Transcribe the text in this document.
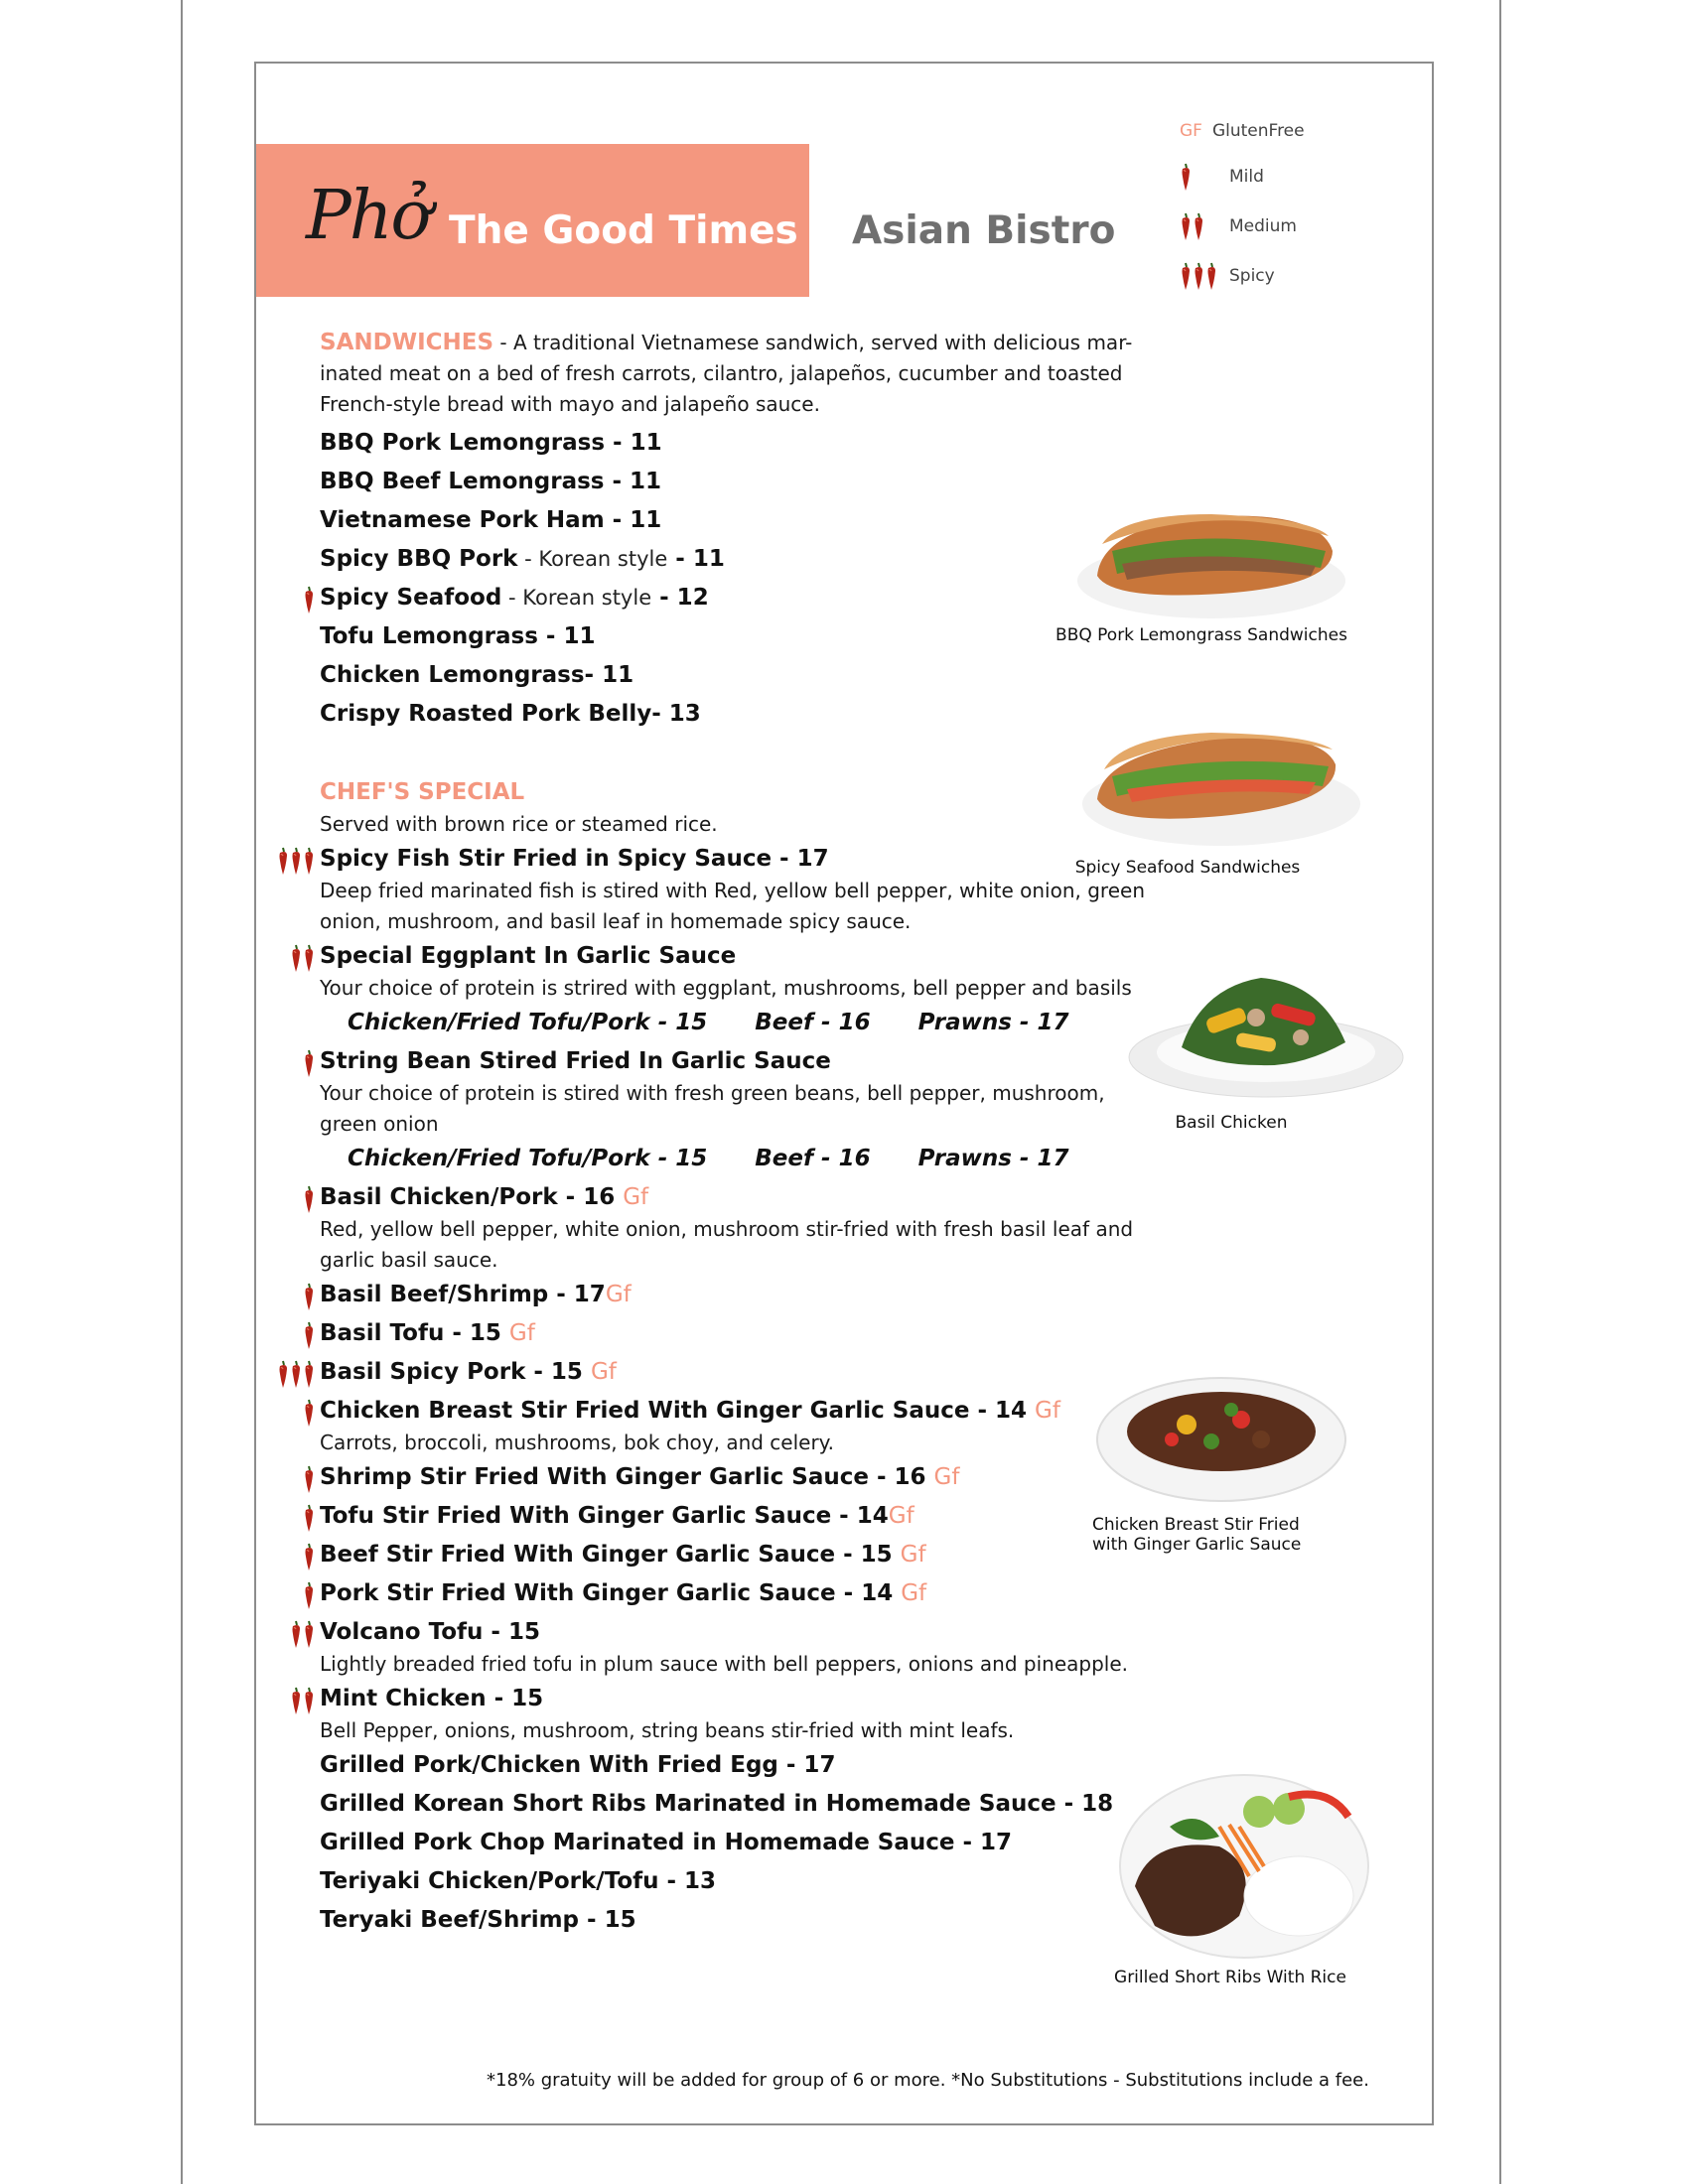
Phở The Good Times Asian Bistro
GF GlutenFree
Mild
Medium
Spicy
SANDWICHES - A traditional Vietnamese sandwich, served with delicious mar-inated meat on a bed of fresh carrots, cilantro, jalapeños, cucumber and toasted French-style bread with mayo and jalapeño sauce.
BBQ Pork Lemongrass - 11
BBQ Beef Lemongrass - 11
Vietnamese Pork Ham - 11
Spicy BBQ Pork - Korean style - 11
Spicy Seafood - Korean style - 12
Tofu Lemongrass - 11
Chicken Lemongrass- 11
Crispy Roasted Pork Belly- 13
CHEF'S SPECIAL
Served with brown rice or steamed rice.
Spicy Fish Stir Fried in Spicy Sauce - 17
Deep fried marinated fish is stired with Red, yellow bell pepper, white onion, green onion, mushroom, and basil leaf in homemade spicy sauce.
Special Eggplant In Garlic Sauce
Your choice of protein is strired with eggplant, mushrooms, bell pepper and basils
Chicken/Fried Tofu/Pork - 15 Beef - 16 Prawns - 17
String Bean Stired Fried In Garlic Sauce
Your choice of protein is stired with fresh green beans, bell pepper, mushroom, green onion
Chicken/Fried Tofu/Pork - 15 Beef - 16 Prawns - 17
Basil Chicken/Pork - 16 Gf
Red, yellow bell pepper, white onion, mushroom stir-fried with fresh basil leaf and garlic basil sauce.
Basil Beef/Shrimp - 17Gf
Basil Tofu - 15 Gf
Basil Spicy Pork - 15 Gf
Chicken Breast Stir Fried With Ginger Garlic Sauce - 14 Gf
Carrots, broccoli, mushrooms, bok choy, and celery.
Shrimp Stir Fried With Ginger Garlic Sauce - 16 Gf
Tofu Stir Fried With Ginger Garlic Sauce - 14Gf
Beef Stir Fried With Ginger Garlic Sauce - 15 Gf
Pork Stir Fried With Ginger Garlic Sauce - 14 Gf
Volcano Tofu - 15
Lightly breaded fried tofu in plum sauce with bell peppers, onions and pineapple.
Mint Chicken - 15
Bell Pepper, onions, mushroom, string beans stir-fried with mint leafs.
Grilled Pork/Chicken With Fried Egg - 17
Grilled Korean Short Ribs Marinated in Homemade Sauce - 18
Grilled Pork Chop Marinated in Homemade Sauce - 17
Teriyaki Chicken/Pork/Tofu - 13
Teryaki Beef/Shrimp - 15
BBQ Pork Lemongrass Sandwiches
Spicy Seafood Sandwiches
Basil Chicken
Chicken Breast Stir Fried
with Ginger Garlic Sauce
Grilled Short Ribs With Rice
*18% gratuity will be added for group of 6 or more. *No Substitutions - Substitutions include a fee.
